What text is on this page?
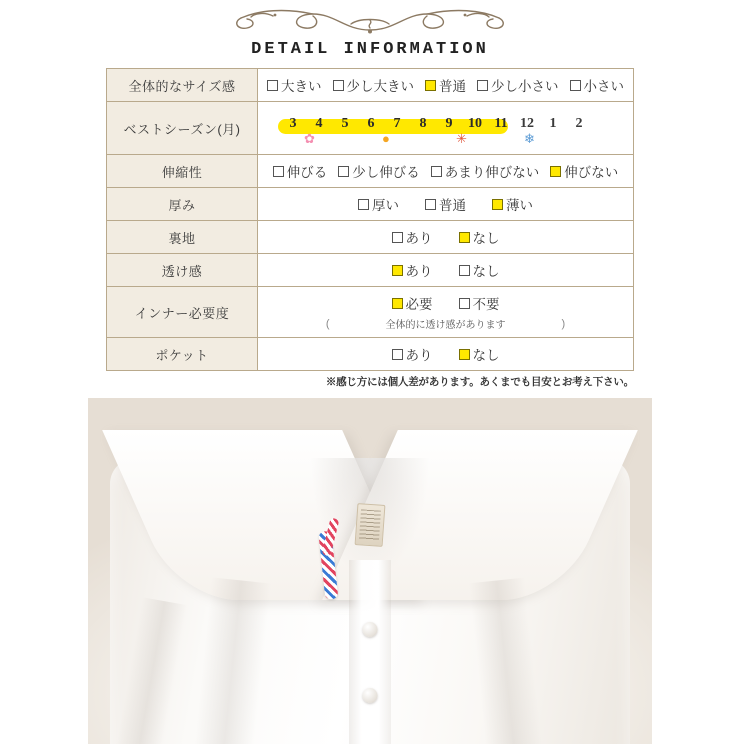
DETAIL INFORMATION
全体的なサイズ感	大きい 少し大きい 普通 少し小さい 小さい

ベストシーズン(月)	3	4	5	6	7	8	9	10 11 12	1	2
✿	●	✳	❄

伸縮性	伸びる 少し伸びる あまり伸びない 伸びない

厚み	厚い 普通 薄い

裏地	あり なし

透け感	あり なし

インナー必要度	必要 不要
( 全体的に透け感があります )

ポケット	あり なし
※感じ方には個人差があります。あくまでも目安とお考え下さい。
